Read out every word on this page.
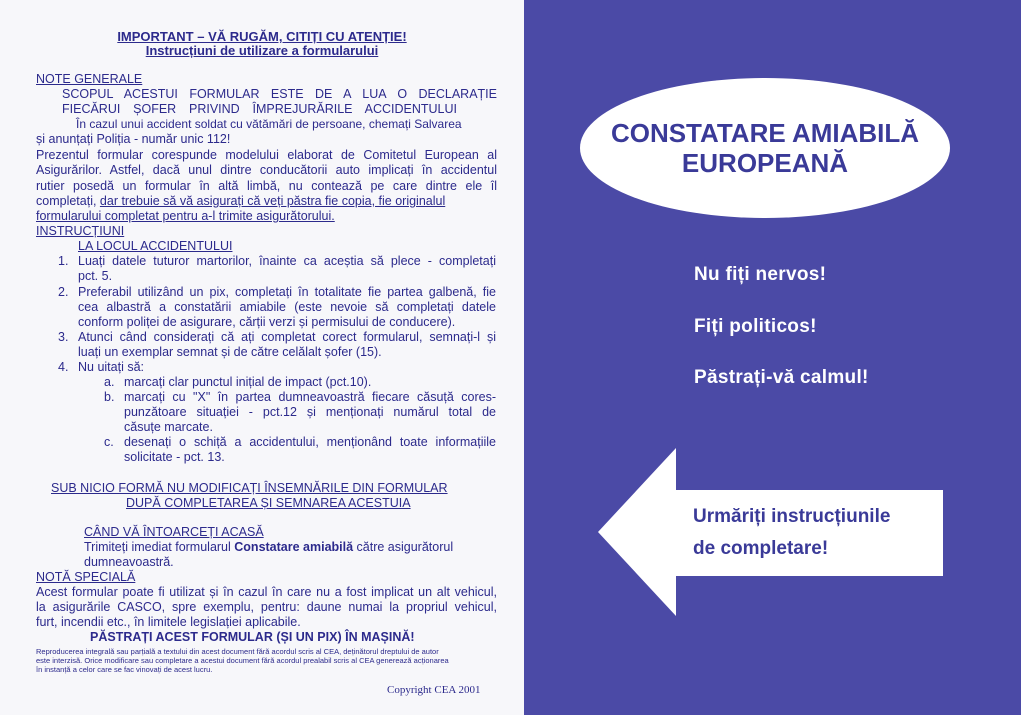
IMPORTANT – VĂ RUGĂM, CITIȚI CU ATENȚIE!
Instrucțiuni de utilizare a formularului
NOTE GENERALE
SCOPUL ACESTUI FORMULAR ESTE DE A LUA O DECLARAȚIE
FIECĂRUI ȘOFER PRIVIND ÎMPREJURĂRILE ACCIDENTULUI
În cazul unui accident soldat cu vătămări de persoane, chemați Salvarea
și anunțați Poliția - număr unic 112!
Prezentul formular corespunde modelului elaborat de Comitetul European al
Asigurărilor. Astfel, dacă unul dintre conducătorii auto implicați în accidentul
rutier posedă un formular în altă limbă, nu contează pe care dintre ele îl
completați, dar trebuie să vă asigurați că veți păstra fie copia, fie originalul
formularului completat pentru a-l trimite asigurătorului.
INSTRUCȚIUNI
LA LOCUL ACCIDENTULUI
1. Luați datele tuturor martorilor, înainte ca aceștia să plece - completați
pct. 5.
2. Preferabil utilizând un pix, completați în totalitate fie partea galbenă, fie
cea albastră a constatării amiabile (este nevoie să completați datele
conform poliței de asigurare, cărții verzi și permisului de conducere).
3. Atunci când considerați că ați completat corect formularul, semnați-l și
luați un exemplar semnat și de către celălalt șofer (15).
4. Nu uitați să:
a. marcați clar punctul inițial de impact (pct.10).
b. marcați cu "X" în partea dumneavoastră fiecare căsuță cores-
punzătoare situației - pct.12 și menționați numărul total de
căsuțe marcate.
c. desenați o schiță a accidentului, menționând toate informațiile
solicitate - pct. 13.
SUB NICIO FORMĂ NU MODIFICAȚI ÎNSEMNĂRILE DIN FORMULAR
DUPĂ COMPLETAREA ȘI SEMNAREA ACESTUIA
CÂND VĂ ÎNTOARCEȚI ACASĂ
Trimiteți imediat formularul Constatare amiabilă către asigurătorul
dumneavoastră.
NOTĂ SPECIALĂ
Acest formular poate fi utilizat și în cazul în care nu a fost implicat un alt vehicul,
la asigurările CASCO, spre exemplu, pentru: daune numai la propriul vehicul,
furt, incendii etc., în limitele legislației aplicabile.
PĂSTRAȚI ACEST FORMULAR (ȘI UN PIX) ÎN MAȘINĂ!
Reproducerea integrală sau parțială a textului din acest document fără acordul scris al CEA, deținătorul dreptului de autor
este interzisă. Orice modificare sau completare a acestui document fără acordul prealabil scris al CEA generează acționarea
în instanță a celor care se fac vinovați de acest lucru.
Copyright CEA 2001
CONSTATARE AMIABILĂ
EUROPEANĂ
Nu fiți nervos!
Fiți politicos!
Păstrați-vă calmul!
Urmăriți instrucțiunile
de completare!
